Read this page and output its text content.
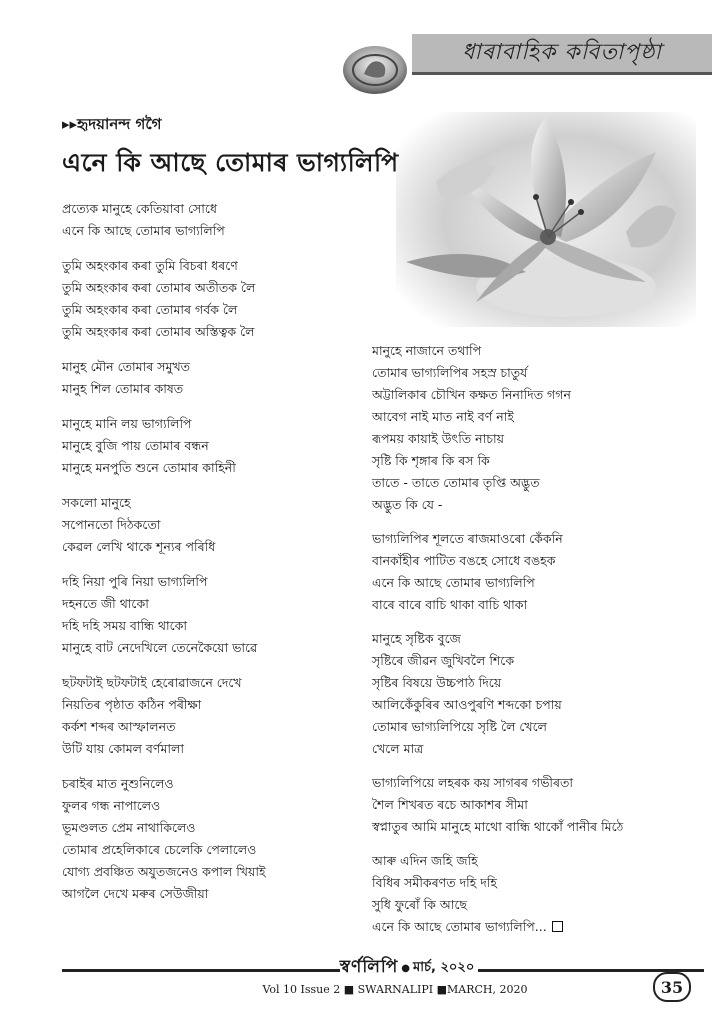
ধাৰাবাহিক কবিতাপৃষ্ঠা
▸▸হৃদয়ানন্দ গগৈ
এনে কি আছে তোমাৰ ভাগ্যলিপি
প্ৰত্যেক মানুহে কেতিয়াবা সোধে
এনে কি আছে তোমাৰ ভাগ্যলিপি
তুমি অহংকাৰ কৰা তুমি বিচৰা ধৰণে
তুমি অহংকাৰ কৰা তোমাৰ অতীতক লৈ
তুমি অহংকাৰ কৰা তোমাৰ গৰ্বক লৈ
তুমি অহংকাৰ কৰা তোমাৰ অস্তিত্বক লৈ
মানুহ মৌন তোমাৰ সমুখত
মানুহ শিল তোমাৰ কাষত
মানুহে মানি লয় ভাগ্যলিপি
মানুহে বুজি পায় তোমাৰ বন্ধন
মানুহে মনপুতি শুনে তোমাৰ কাহিনী
সকলো মানুহে
সপোনতো দিঠকতো
কেৱল লেখি থাকে শূন্যৰ পৰিধি
দহি নিয়া পুৰি নিয়া ভাগ্যলিপি
দহনতে জী থাকো
দহি দহি সময় বান্ধি থাকো
মানুহে বাট নেদেখিলে তেনেকৈয়ো ভাৱে
ছটফটাই ছটফটাই হেৰোৱাজনে দেখে
নিয়তিৰ পৃষ্ঠাত কঠিন পৰীক্ষা
কৰ্কশ শব্দৰ আস্ফালনত
উটি যায় কোমল বৰ্ণমালা
চৰাইৰ মাত নুশুনিলেও
ফুলৰ গন্ধ নাপালেও
ভূমণ্ডলত প্ৰেম নাথাকিলেও
তোমাৰ প্ৰহেলিকাৰে চেলেকি পেলালেও
যোগ্য প্ৰবঞ্চিত অযুতজনেও কপাল খিয়াই
আগলৈ দেখে মৰুৰ সেউজীয়া
মানুহে নাজানে তথাপি
তোমাৰ ভাগ্যলিপিৰ সহস্ৰ চাতুৰ্য
অট্টালিকাৰ চৌখিন কক্ষত নিনাদিত গগন
আবেগ নাই মাত নাই বৰ্ণ নাই
ৰূপময় কায়াই উৎতি নাচায়
সৃষ্টি কি শৃঙ্গাৰ কি ৰস কি
তাতে - তাতে তোমাৰ তৃপ্তি অদ্ভুত
অদ্ভুত কি যে -
ভাগ্যলিপিৰ শূলতে ৰাজমাওৰো কেঁকনি
বানকাঁহীৰ পাটিত বঙহে সোধে বঙহক
এনে কি আছে তোমাৰ ভাগ্যলিপি
বাৰে বাৰে বাচি থাকা বাচি থাকা
মানুহে সৃষ্টিক বুজে
সৃষ্টিৰে জীৱন জুখিবলৈ শিকে
সৃষ্টিৰ বিষয়ে উচ্চপাঠ দিয়ে
আলিকেঁকুৰিৰ আওপুৰণি শব্দকো চপায়
তোমাৰ ভাগ্যলিপিয়ে সৃষ্টি লৈ খেলে
খেলে মাত্ৰ
ভাগ্যলিপিয়ে লহৰক কয় সাগৰৰ গভীৰতা
শৈল শিখৰত ৰচে আকাশৰ সীমা
স্বপ্নাতুৰ আমি মানুহে মাথো বান্ধি থাকোঁ পানীৰ মিঠে
আৰু এদিন জহি জহি
বিধিৰ সমীকৰণত দহি দহি
সুধি ফুৰোঁ কি আছে
এনে কি আছে তোমাৰ ভাগ্যলিপি...
স্বৰ্ণলিপি ● মাৰ্চ, ২০২০
Vol 10 Issue 2 ■ SWARNALIPI ■MARCH, 2020	35
